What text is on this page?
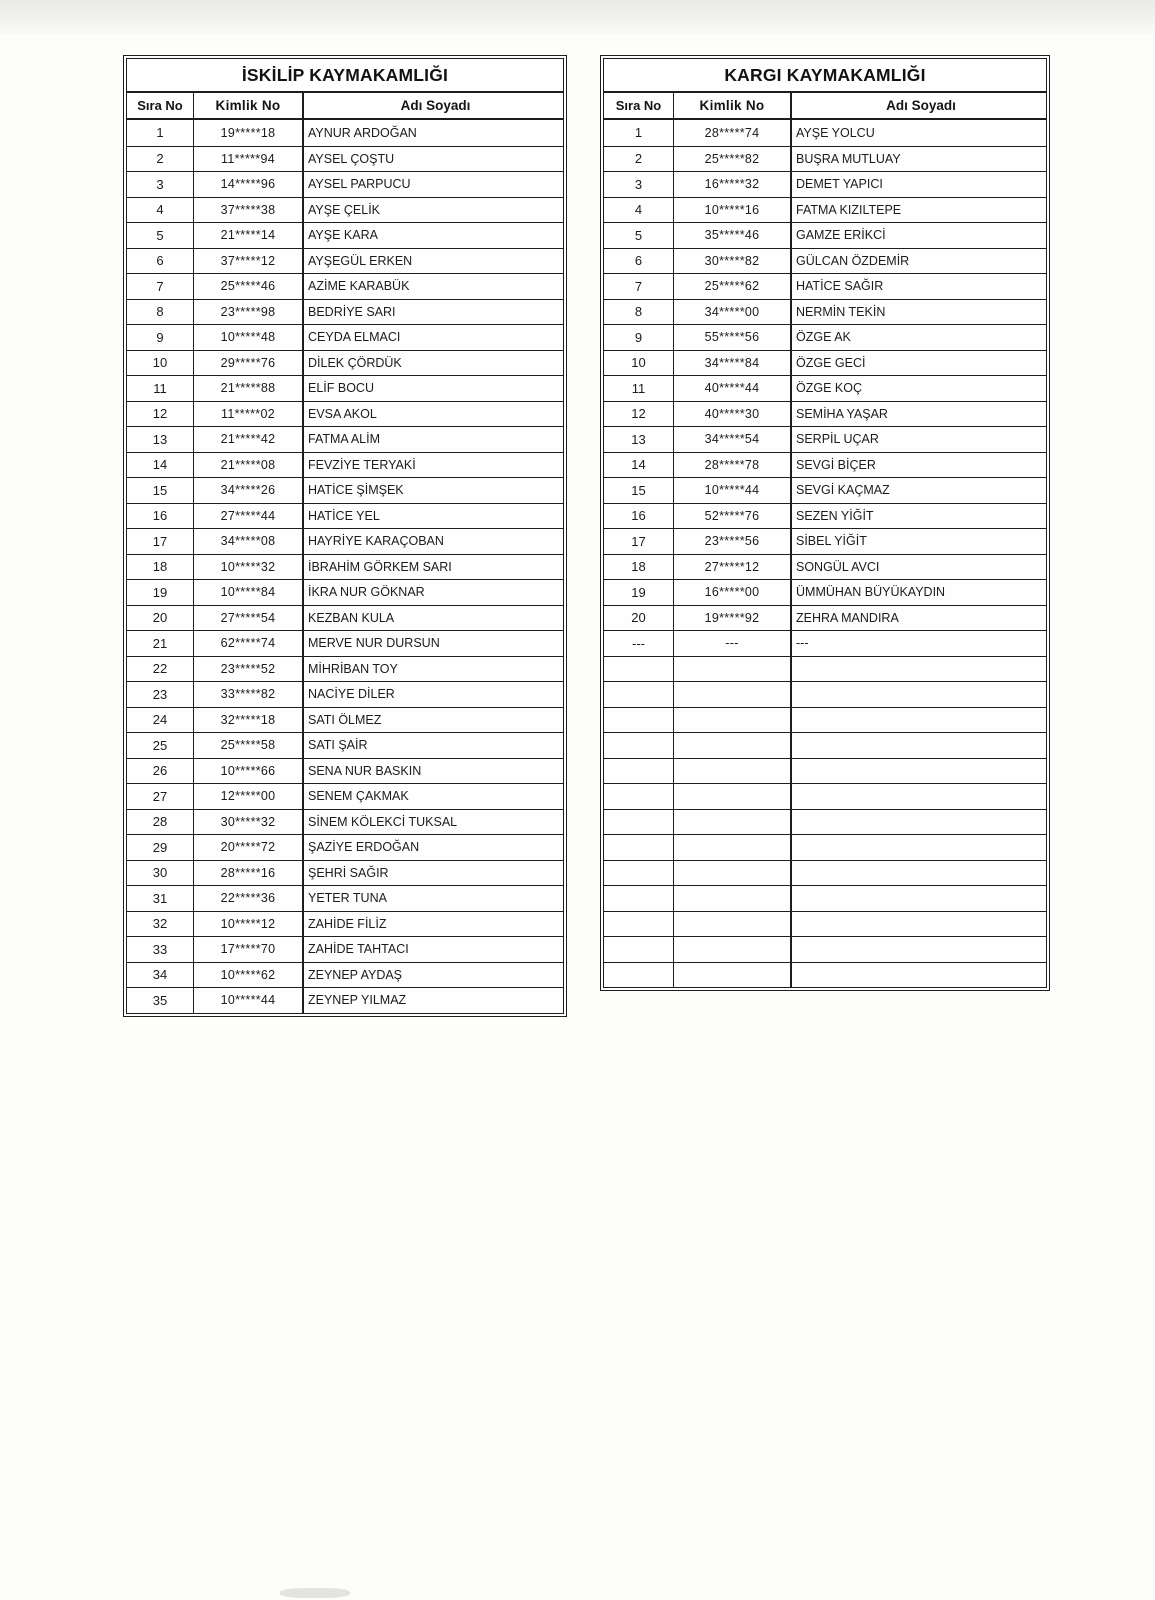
İSKİLİP KAYMAKAMLIĞI
Sıra No	Kimlik No	Adı Soyadı
1	19*****18	AYNUR ARDOĞAN
2	11*****94	AYSEL ÇOŞTU
3	14*****96	AYSEL PARPUCU
4	37*****38	AYŞE ÇELİK
5	21*****14	AYŞE KARA
6	37*****12	AYŞEGÜL ERKEN
7	25*****46	AZİME KARABÜK
8	23*****98	BEDRİYE SARI
9	10*****48	CEYDA ELMACI
10	29*****76	DİLEK ÇÖRDÜK
11	21*****88	ELİF BOCU
12	11*****02	EVSA AKOL
13	21*****42	FATMA ALİM
14	21*****08	FEVZİYE TERYAKİ
15	34*****26	HATİCE ŞİMŞEK
16	27*****44	HATİCE YEL
17	34*****08	HAYRİYE KARAÇOBAN
18	10*****32	İBRAHİM GÖRKEM SARI
19	10*****84	İKRA NUR GÖKNAR
20	27*****54	KEZBAN KULA
21	62*****74	MERVE NUR DURSUN
22	23*****52	MİHRİBAN TOY
23	33*****82	NACİYE DİLER
24	32*****18	SATI ÖLMEZ
25	25*****58	SATI ŞAİR
26	10*****66	SENA NUR BASKIN
27	12*****00	SENEM ÇAKMAK
28	30*****32	SİNEM KÖLEKCİ TUKSAL
29	20*****72	ŞAZİYE ERDOĞAN
30	28*****16	ŞEHRİ SAĞIR
31	22*****36	YETER TUNA
32	10*****12	ZAHİDE FİLİZ
33	17*****70	ZAHİDE TAHTACI
34	10*****62	ZEYNEP AYDAŞ
35	10*****44	ZEYNEP YILMAZ
KARGI KAYMAKAMLIĞI
Sıra No	Kimlik No	Adı Soyadı
1	28*****74	AYŞE YOLCU
2	25*****82	BUŞRA MUTLUAY
3	16*****32	DEMET YAPICI
4	10*****16	FATMA KIZILTEPE
5	35*****46	GAMZE ERİKCİ
6	30*****82	GÜLCAN ÖZDEMİR
7	25*****62	HATİCE SAĞIR
8	34*****00	NERMİN TEKİN
9	55*****56	ÖZGE AK
10	34*****84	ÖZGE GECİ
11	40*****44	ÖZGE KOÇ
12	40*****30	SEMİHA YAŞAR
13	34*****54	SERPİL UÇAR
14	28*****78	SEVGİ BİÇER
15	10*****44	SEVGİ KAÇMAZ
16	52*****76	SEZEN YİĞİT
17	23*****56	SİBEL YİĞİT
18	27*****12	SONGÜL AVCI
19	16*****00	ÜMMÜHAN BÜYÜKAYDIN
20	19*****92	ZEHRA MANDIRA
---	---	---
